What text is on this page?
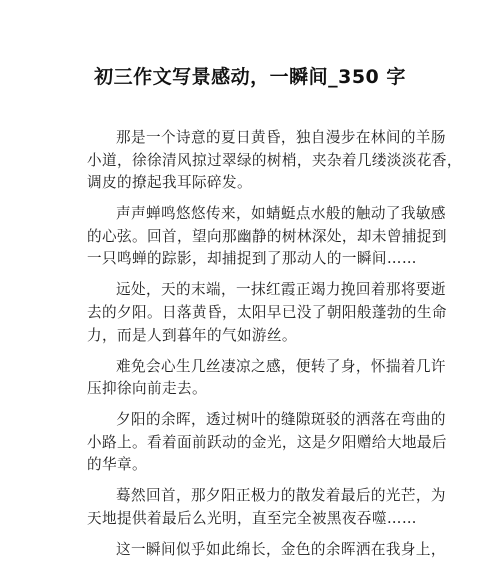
初三作文写景感动，一瞬间_350 字

那是一个诗意的夏日黄昏，独自漫步在林间的羊肠
小道，徐徐清风掠过翠绿的树梢，夹杂着几缕淡淡花香，
调皮的撩起我耳际碎发。

声声蝉鸣悠悠传来，如蜻蜓点水般的触动了我敏感
的心弦。回首，望向那幽静的树林深处，却未曾捕捉到
一只鸣蝉的踪影，却捕捉到了那动人的一瞬间……

远处，天的末端，一抹红霞正竭力挽回着那将要逝
去的夕阳。日落黄昏，太阳早已没了朝阳般蓬勃的生命
力，而是人到暮年的气如游丝。

难免会心生几丝凄凉之感，便转了身，怀揣着几许
压抑徐向前走去。

夕阳的余晖，透过树叶的缝隙斑驳的洒落在弯曲的
小路上。看着面前跃动的金光，这是夕阳赠给大地最后
的华章。

蓦然回首，那夕阳正极力的散发着最后的光芒，为
天地提供着最后么光明，直至完全被黑夜吞噬……

这一瞬间似乎如此绵长，金色的余晖洒在我身上，
